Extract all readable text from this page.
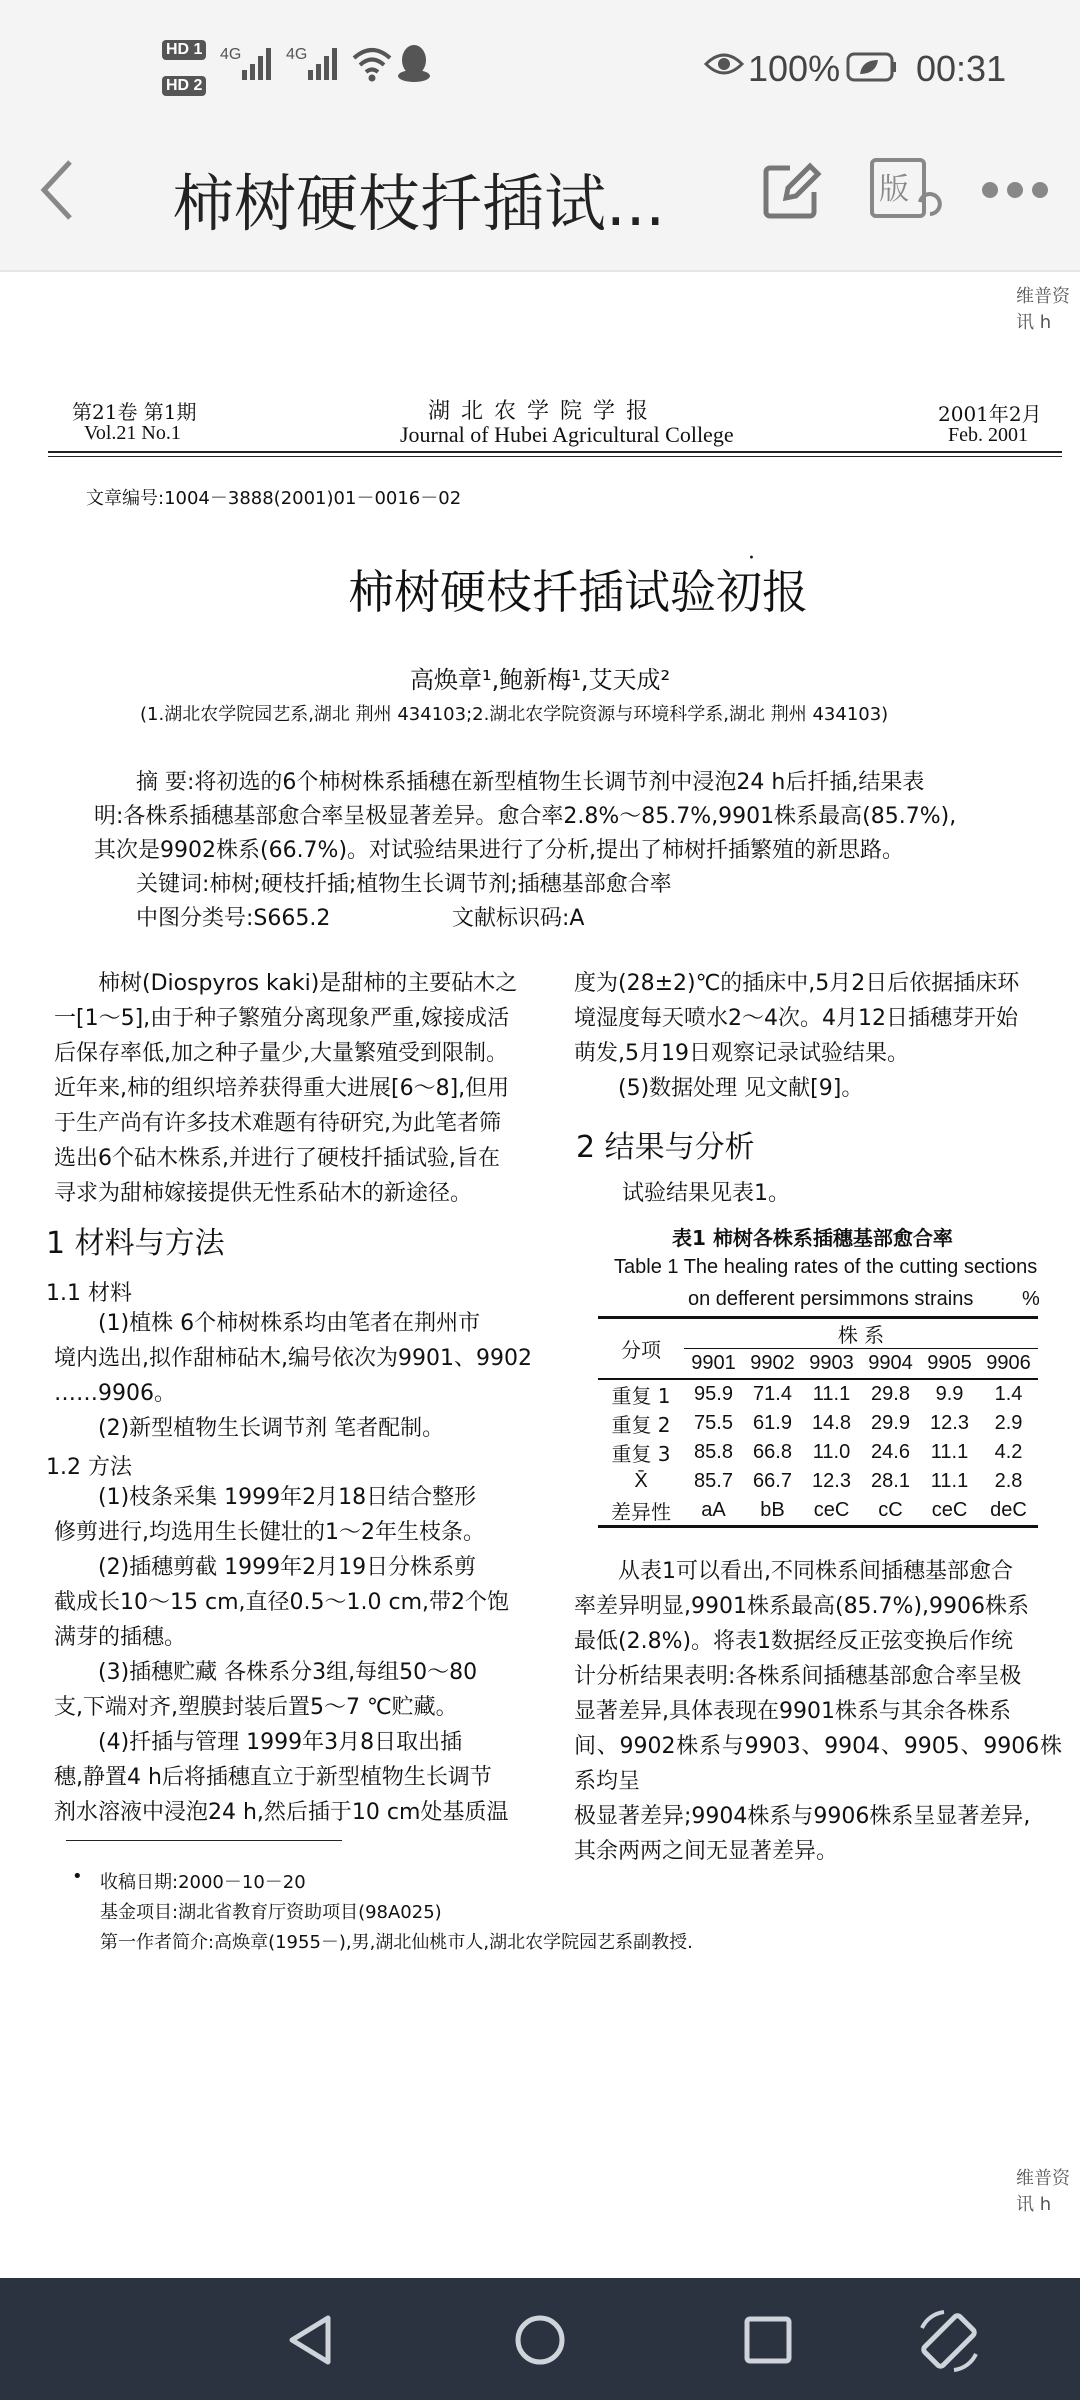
HD 1
HD 2
4G	4G	100% 00:31
柿树硬枝扦插试...	版
维普资讯 h
第21卷 第1期
Vol.21 No.1
湖 北 农 学 院 学 报
Journal of Hubei Agricultural College
2001年2月
Feb. 2001
文章编号:1004－3888(2001)01－0016－02
柿树硬枝扦插试验初报
·
高焕章¹,鲍新梅¹,艾天成²
(1.湖北农学院园艺系,湖北 荆州 434103;2.湖北农学院资源与环境科学系,湖北 荆州 434103)
摘 要:将初选的6个柿树株系插穗在新型植物生长调节剂中浸泡24 h后扦插,结果表
明:各株系插穗基部愈合率呈极显著差异。愈合率2.8%～85.7%,9901株系最高(85.7%),
其次是9902株系(66.7%)。对试验结果进行了分析,提出了柿树扦插繁殖的新思路。
关键词:柿树;硬枝扦插;植物生长调节剂;插穗基部愈合率
中图分类号:S665.2	文献标识码:A
柿树(Diospyros kaki)是甜柿的主要砧木之
一[1～5],由于种子繁殖分离现象严重,嫁接成活
后保存率低,加之种子量少,大量繁殖受到限制。
近年来,柿的组织培养获得重大进展[6～8],但用
于生产尚有许多技术难题有待研究,为此笔者筛
选出6个砧木株系,并进行了硬枝扦插试验,旨在
寻求为甜柿嫁接提供无性系砧木的新途径。
1 材料与方法
1.1 材料
(1)植株 6个柿树株系均由笔者在荆州市
境内选出,拟作甜柿砧木,编号依次为9901、9902
……9906。
(2)新型植物生长调节剂 笔者配制。
1.2 方法
(1)枝条采集 1999年2月18日结合整形
修剪进行,均选用生长健壮的1～2年生枝条。
(2)插穗剪截 1999年2月19日分株系剪
截成长10～15 cm,直径0.5～1.0 cm,带2个饱
满芽的插穗。
(3)插穗贮藏 各株系分3组,每组50～80
支,下端对齐,塑膜封装后置5～7 ℃贮藏。
(4)扦插与管理 1999年3月8日取出插
穗,静置4 h后将插穗直立于新型植物生长调节
剂水溶液中浸泡24 h,然后插于10 cm处基质温
度为(28±2)℃的插床中,5月2日后依据插床环
境湿度每天喷水2～4次。4月12日插穗芽开始
萌发,5月19日观察记录试验结果。
(5)数据处理 见文献[9]。
2 结果与分析
试验结果见表1。
表1 柿树各株系插穗基部愈合率
Table 1 The healing rates of the cutting sections
on defferent persimmons strains %
分项	株 系					
	9901	9902	9903	9904	9905	9906
重复 1	95.9	71.4	11.1	29.8	9.9	1.4
重复 2	75.5	61.9	14.8	29.9	12.3	2.9
重复 3	85.8	66.8	11.0	24.6	11.1	4.2
X̄	85.7	66.7	12.3	28.1	11.1	2.8
差异性	aA	bB	ceC	cC	ceC	deC
从表1可以看出,不同株系间插穗基部愈合
率差异明显,9901株系最高(85.7%),9906株系
最低(2.8%)。将表1数据经反正弦变换后作统
计分析结果表明:各株系间插穗基部愈合率呈极
显著差异,具体表现在9901株系与其余各株系
间、9902株系与9903、9904、9905、9906株系均呈
极显著差异;9904株系与9906株系呈显著差异,
其余两两之间无显著差异。
• 收稿日期:2000－10－20
基金项目:湖北省教育厅资助项目(98A025)
第一作者简介:高焕章(1955－),男,湖北仙桃市人,湖北农学院园艺系副教授.
维普资讯 h
